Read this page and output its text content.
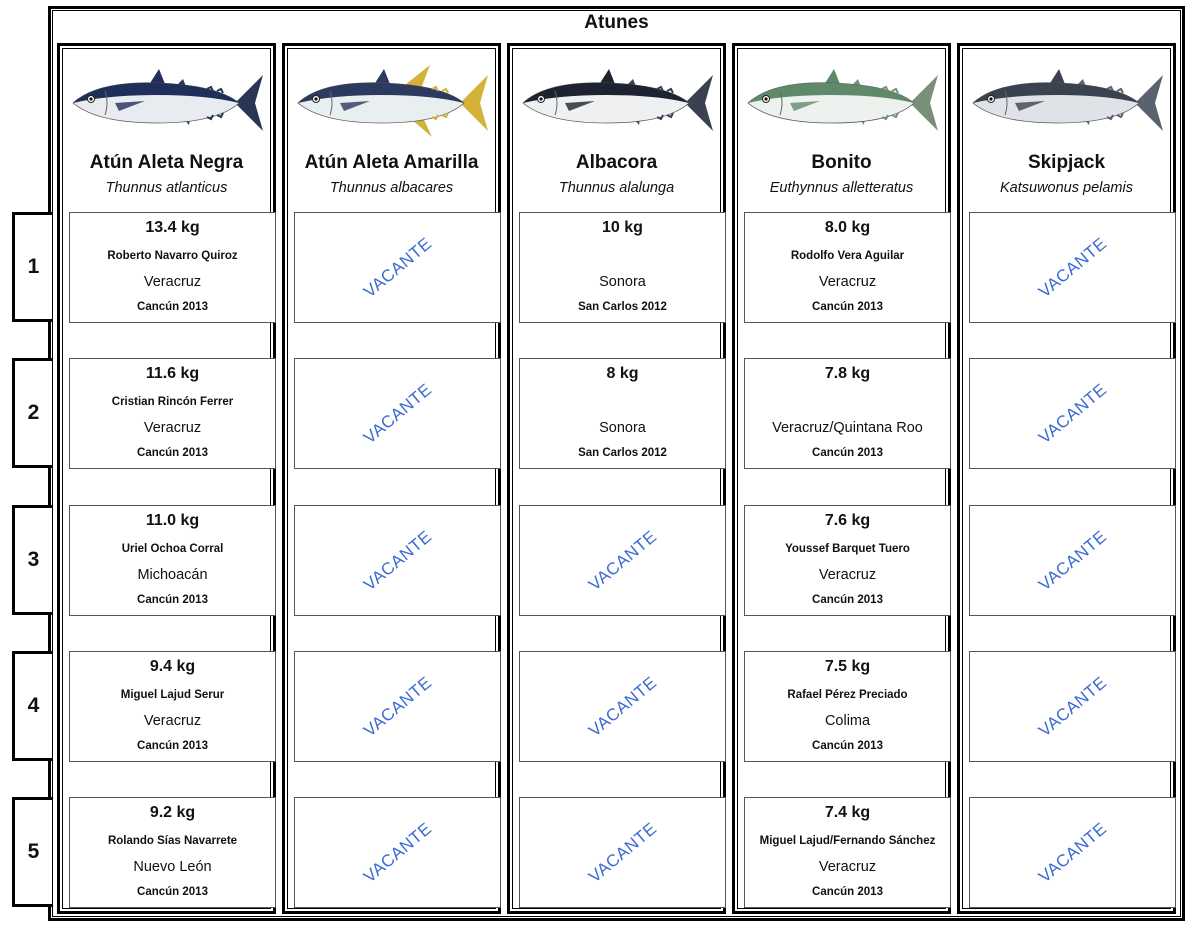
Atunes
1
2
3
4
5
Atún Aleta Negra
Thunnus atlanticus
13.4 kg
Roberto Navarro Quiroz
Veracruz
Cancún 2013
11.6 kg
Cristian Rincón Ferrer
Veracruz
Cancún 2013
11.0 kg
Uriel Ochoa Corral
Michoacán
Cancún 2013
9.4 kg
Miguel Lajud Serur
Veracruz
Cancún 2013
9.2 kg
Rolando Sías Navarrete
Nuevo León
Cancún 2013
Atún Aleta Amarilla
Thunnus albacares
VACANTE
VACANTE
VACANTE
VACANTE
VACANTE
Albacora
Thunnus alalunga
10 kg
Sonora
San Carlos 2012
8 kg
Sonora
San Carlos 2012
VACANTE
VACANTE
VACANTE
Bonito
Euthynnus alletteratus
8.0 kg
Rodolfo Vera Aguilar
Veracruz
Cancún 2013
7.8 kg
Veracruz/Quintana Roo
Cancún 2013
7.6 kg
Youssef Barquet Tuero
Veracruz
Cancún 2013
7.5 kg
Rafael Pérez Preciado
Colima
Cancún 2013
7.4 kg
Miguel Lajud/Fernando Sánchez
Veracruz
Cancún 2013
Skipjack
Katsuwonus pelamis
VACANTE
VACANTE
VACANTE
VACANTE
VACANTE
